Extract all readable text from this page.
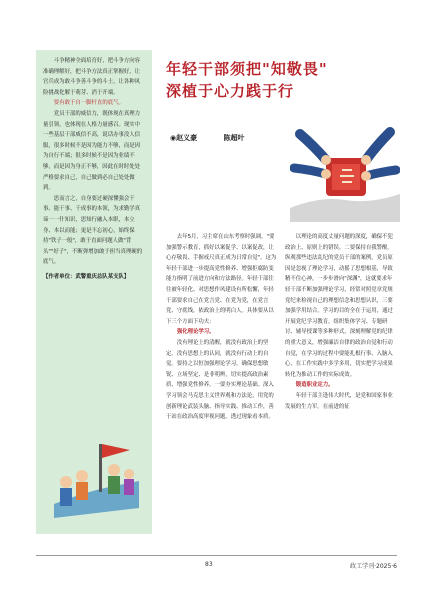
斗争精神全面培育好，把斗争方向容准确理解好，把斗争方法真正掌握好，让官兵成为敢斗争善斗争的斗士，让各种风险挑战化解于萌芽、消于开端。

要有敢于自一脚杆直的底气。

党员干部的威信力，既体现在真理力量引领，也体现在人格力量感召。现实中一些基层干部威信不高，说话办事没人信服，很多时候不是因为能力不够，而是因为自行不端；很多时候不是因为业绩不够，而是因为身正不够，因此在时时处处严格要求自己，自己做到必自己处处做到。

思而言之，自身要过硬深懂强会干事、能干事、干成事的本领，为求勤学真谛一一什知识，思知行融入本职，本立身、本以而能；更是不忘初心，始终保持"铁子一般"，敢于直面问题人做"背头""好子"，不断弹增加敢于担当真理硬的底气。

【作者单位：武警重庆总队某支队】

年轻干部须把"知敬畏"
深植于心力践于行
◉赵义豪	陈超叶

去年5月，习主席在山东考察时强调，"要加强警示教育，抓好以案促学、以案促改，让心存敬畏、手握戒尺真正成为日常自觉"。这为年轻干部进一步提高党性修养、增强拒腐防变能力指明了前进方向和方法路径。年轻干部往往被年轻化、对思想作风建设有所松懈，年轻干部要求自己在党言党、在党为党，在党言党、守底线，依政治上的明白人。具体要从以下三个方面下功夫：

强化理论学习。

没有理论上的清醒，就没有政治上的坚定。没有思想上的认同，就没有行动上的自觉。要持之以恒加强理论学习，确保思想敏锐、立场坚定、是非明辨，切实提高政治素质、增强党性修养。一要夯实理论基础。深入学习领会马克思主义世界观和方法论，用党的创新理论武装头脑、指导实践、推动工作，善于站在政治高度审视问题，透过现象看本质。

以理论的高度丈量问题的深度，确保不犯政治上、原则上的错误。二要保持自我警醒。纵观那些违法乱纪的党员干部的案例，党员原因是忽视了理论学习，动摇了思想根基，导致精不住心神，一步步滑向"深渊"，这就要求年轻干部不断加强理论学习，经常对照党章党规党纪来检视自己的理想信念和思想认识，三要加强学用结合。学习的目的全在于运用，通过开展党纪学习教育，组织集体学习、专题研讨、辅导授课等多种形式，深刻理解党的纪律的重大意义，增强廉洁自律的政治自觉和行动自觉，在学习的过程中要能扎根行事、入脑入心，在工作实践中多学多用，切实把学习成果转化为推动工作的实际成效。

锻造职业定力。

年轻干部主逢伟大时代，是党和国家事业发展的生力军。在前进的征

83	政工学刊·2025·6
